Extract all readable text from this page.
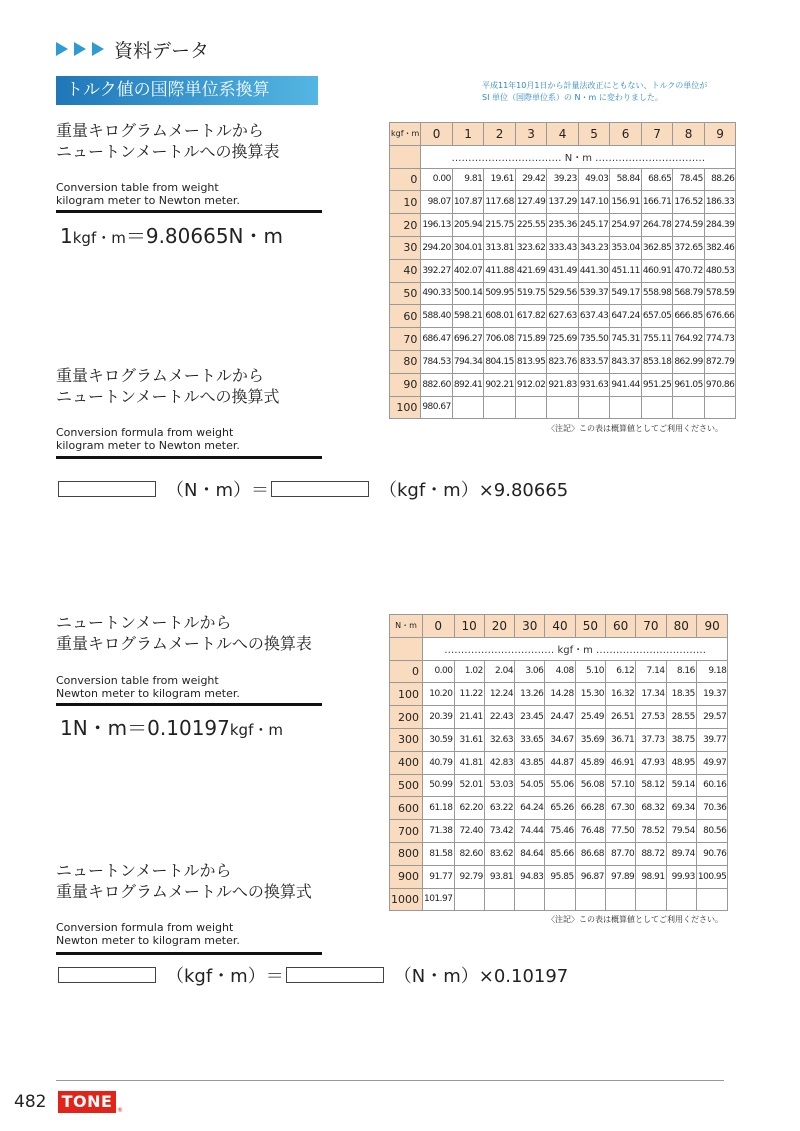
資料データ
トルク値の国際単位系換算	平成11年10月1日から計量法改正にともない、トルクの単位が
SI 単位（国際単位系）の N・m に変わりました。
重量キログラムメートルから
ニュートンメートルへの換算表
Conversion table from weight
kilogram meter to Newton meter.
1kgf・m＝9.80665N・m
重量キログラムメートルから
ニュートンメートルへの換算式
Conversion formula from weight
kilogram meter to Newton meter.
（N・m）＝	（kgf・m）×9.80665
kgf・m	0	1	2	3	4	5	6	7	8	9
	…………………………… N・m ……………………………									
0	0.00	9.81	19.61	29.42	39.23	49.03	58.84	68.65	78.45	88.26
10	98.07	107.87	117.68	127.49	137.29	147.10	156.91	166.71	176.52	186.33
20	196.13	205.94	215.75	225.55	235.36	245.17	254.97	264.78	274.59	284.39
30	294.20	304.01	313.81	323.62	333.43	343.23	353.04	362.85	372.65	382.46
40	392.27	402.07	411.88	421.69	431.49	441.30	451.11	460.91	470.72	480.53
50	490.33	500.14	509.95	519.75	529.56	539.37	549.17	558.98	568.79	578.59
60	588.40	598.21	608.01	617.82	627.63	637.43	647.24	657.05	666.85	676.66
70	686.47	696.27	706.08	715.89	725.69	735.50	745.31	755.11	764.92	774.73
80	784.53	794.34	804.15	813.95	823.76	833.57	843.37	853.18	862.99	872.79
90	882.60	892.41	902.21	912.02	921.83	931.63	941.44	951.25	961.05	970.86
100	980.67									
〈注記〉この表は概算値としてご利用ください。
ニュートンメートルから
重量キログラムメートルへの換算表
Conversion table from weight
Newton meter to kilogram meter.
1N・m＝0.10197kgf・m
ニュートンメートルから
重量キログラムメートルへの換算式
Conversion formula from weight
Newton meter to kilogram meter.
（kgf・m）＝	（N・m）×0.10197
N・m	0	10	20	30	40	50	60	70	80	90
	…………………………… kgf・m ……………………………									
0	0.00	1.02	2.04	3.06	4.08	5.10	6.12	7.14	8.16	9.18
100	10.20	11.22	12.24	13.26	14.28	15.30	16.32	17.34	18.35	19.37
200	20.39	21.41	22.43	23.45	24.47	25.49	26.51	27.53	28.55	29.57
300	30.59	31.61	32.63	33.65	34.67	35.69	36.71	37.73	38.75	39.77
400	40.79	41.81	42.83	43.85	44.87	45.89	46.91	47.93	48.95	49.97
500	50.99	52.01	53.03	54.05	55.06	56.08	57.10	58.12	59.14	60.16
600	61.18	62.20	63.22	64.24	65.26	66.28	67.30	68.32	69.34	70.36
700	71.38	72.40	73.42	74.44	75.46	76.48	77.50	78.52	79.54	80.56
800	81.58	82.60	83.62	84.64	85.66	86.68	87.70	88.72	89.74	90.76
900	91.77	92.79	93.81	94.83	95.85	96.87	97.89	98.91	99.93	100.95
1000	101.97									
〈注記〉この表は概算値としてご利用ください。
482 TONE ®
